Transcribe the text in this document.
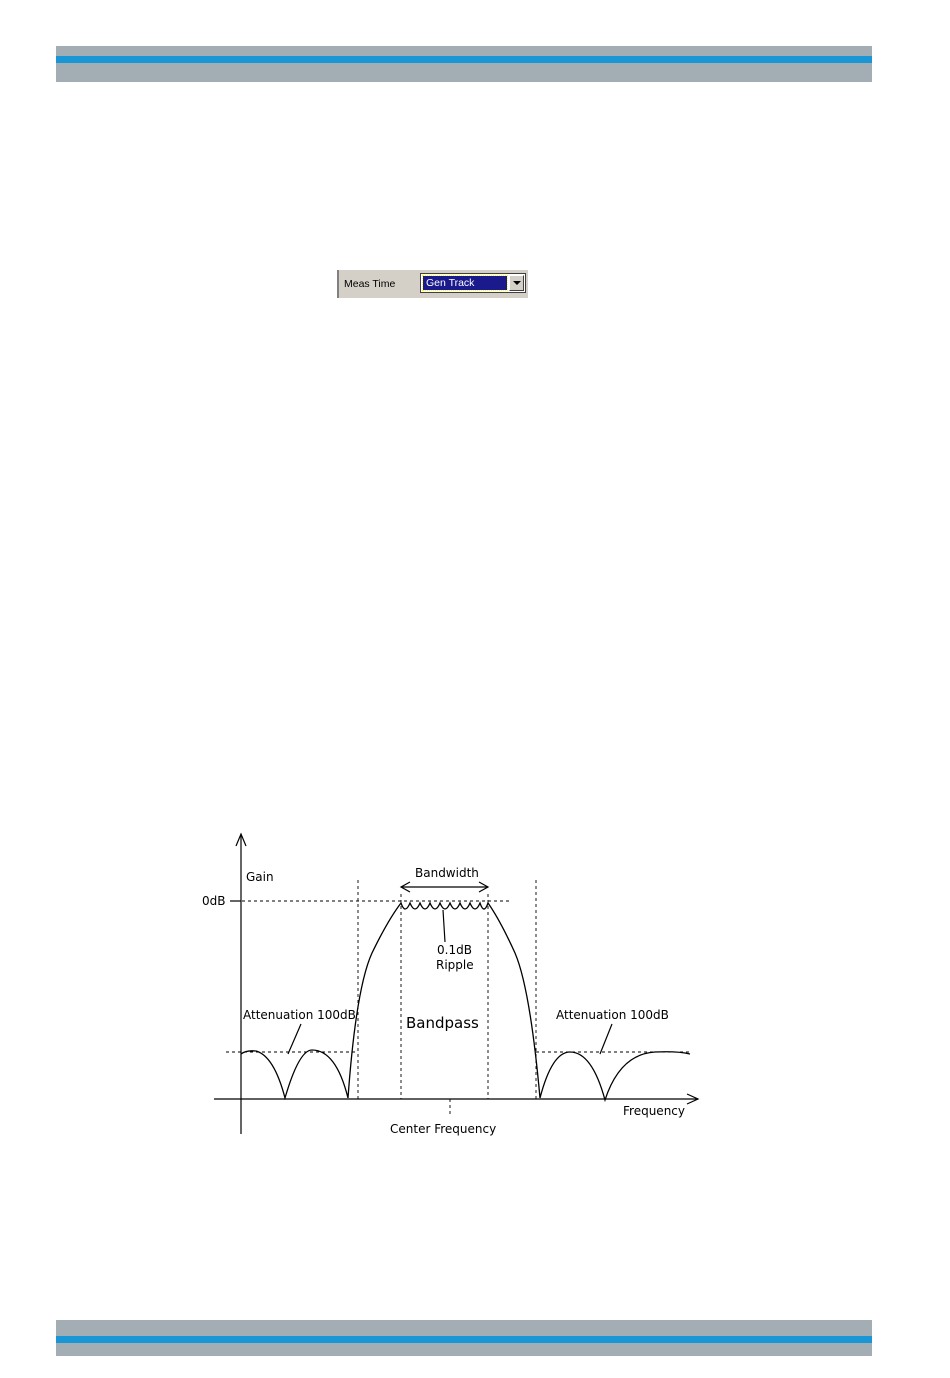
Meas Time	Gen Track
Gain
0dB
Bandwidth
0.1dB
Ripple
Bandpass
Attenuation 100dB	Attenuation 100dB
Frequency
Center Frequency
